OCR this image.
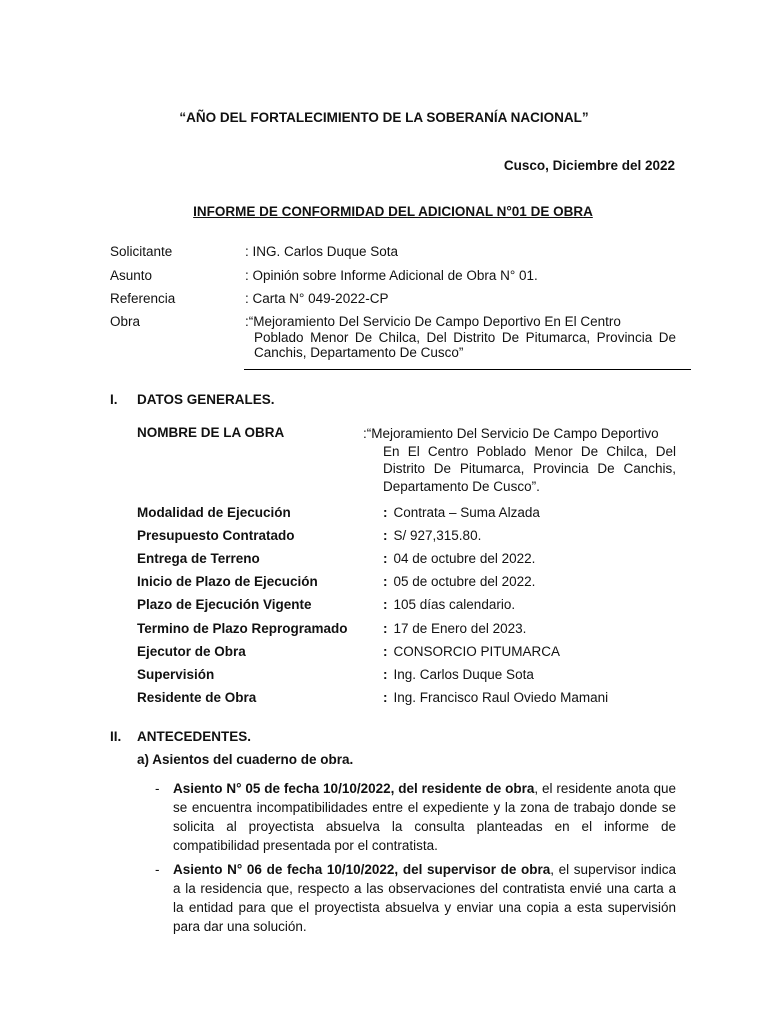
“AÑO DEL FORTALECIMIENTO DE LA SOBERANÍA NACIONAL”
Cusco, Diciembre del 2022
INFORME DE CONFORMIDAD DEL ADICIONAL N°01 DE OBRA
Solicitante	: ING. Carlos Duque Sota
Asunto	: Opinión sobre Informe Adicional de Obra N° 01.
Referencia	: Carta N° 049-2022-CP
Obra	:“Mejoramiento Del Servicio De Campo Deportivo En El Centro
Poblado Menor De Chilca, Del Distrito De Pitumarca, Provincia De Canchis, Departamento De Cusco”
I. DATOS GENERALES.
NOMBRE DE LA OBRA	:“Mejoramiento Del Servicio De Campo Deportivo
En El Centro Poblado Menor De Chilca, Del Distrito De Pitumarca, Provincia De Canchis, Departamento De Cusco”.
Modalidad de Ejecución	: Contrata – Suma Alzada
Presupuesto Contratado	: S/ 927,315.80.
Entrega de Terreno	: 04 de octubre del 2022.
Inicio de Plazo de Ejecución	: 05 de octubre del 2022.
Plazo de Ejecución Vigente	: 105 días calendario.
Termino de Plazo Reprogramado	: 17 de Enero del 2023.
Ejecutor de Obra	: CONSORCIO PITUMARCA
Supervisión	: Ing. Carlos Duque Sota
Residente de Obra	: Ing. Francisco Raul Oviedo Mamani
II. ANTECEDENTES.
a) Asientos del cuaderno de obra.
- Asiento N° 05 de fecha 10/10/2022, del residente de obra, el residente anota que se encuentra incompatibilidades entre el expediente y la zona de trabajo donde se solicita al proyectista absuelva la consulta planteadas en el informe de compatibilidad presentada por el contratista.
- Asiento N° 06 de fecha 10/10/2022, del supervisor de obra, el supervisor indica a la residencia que, respecto a las observaciones del contratista envié una carta a la entidad para que el proyectista absuelva y enviar una copia a esta supervisión para dar una solución.
